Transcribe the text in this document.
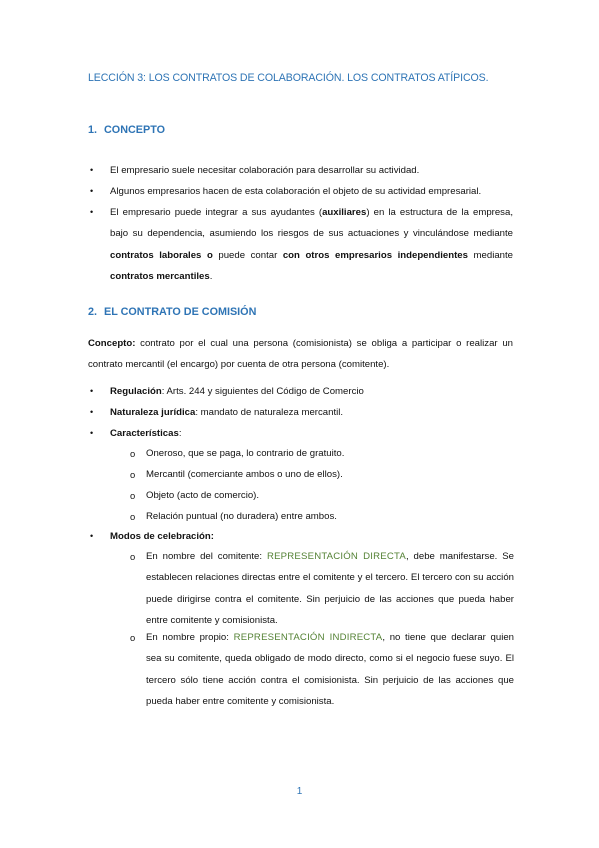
LECCIÓN 3: LOS CONTRATOS DE COLABORACIÓN. LOS CONTRATOS ATÍPICOS.
1. CONCEPTO
• El empresario suele necesitar colaboración para desarrollar su actividad.
• Algunos empresarios hacen de esta colaboración el objeto de su actividad empresarial.
• El empresario puede integrar a sus ayudantes (auxiliares) en la estructura de la empresa, bajo su dependencia, asumiendo los riesgos de sus actuaciones y vinculándose mediante contratos laborales o puede contar con otros empresarios independientes mediante contratos mercantiles.
2. EL CONTRATO DE COMISIÓN
Concepto: contrato por el cual una persona (comisionista) se obliga a participar o realizar un contrato mercantil (el encargo) por cuenta de otra persona (comitente).
• Regulación: Arts. 244 y siguientes del Código de Comercio
• Naturaleza jurídica: mandato de naturaleza mercantil.
• Características:
o Oneroso, que se paga, lo contrario de gratuito.
o Mercantil (comerciante ambos o uno de ellos).
o Objeto (acto de comercio).
o Relación puntual (no duradera) entre ambos.
• Modos de celebración:
o En nombre del comitente: REPRESENTACIÓN DIRECTA, debe manifestarse. Se establecen relaciones directas entre el comitente y el tercero. El tercero con su acción puede dirigirse contra el comitente. Sin perjuicio de las acciones que pueda haber entre comitente y comisionista.
o En nombre propio: REPRESENTACIÓN INDIRECTA, no tiene que declarar quien sea su comitente, queda obligado de modo directo, como si el negocio fuese suyo. El tercero sólo tiene acción contra el comisionista. Sin perjuicio de las acciones que pueda haber entre comitente y comisionista.
1
